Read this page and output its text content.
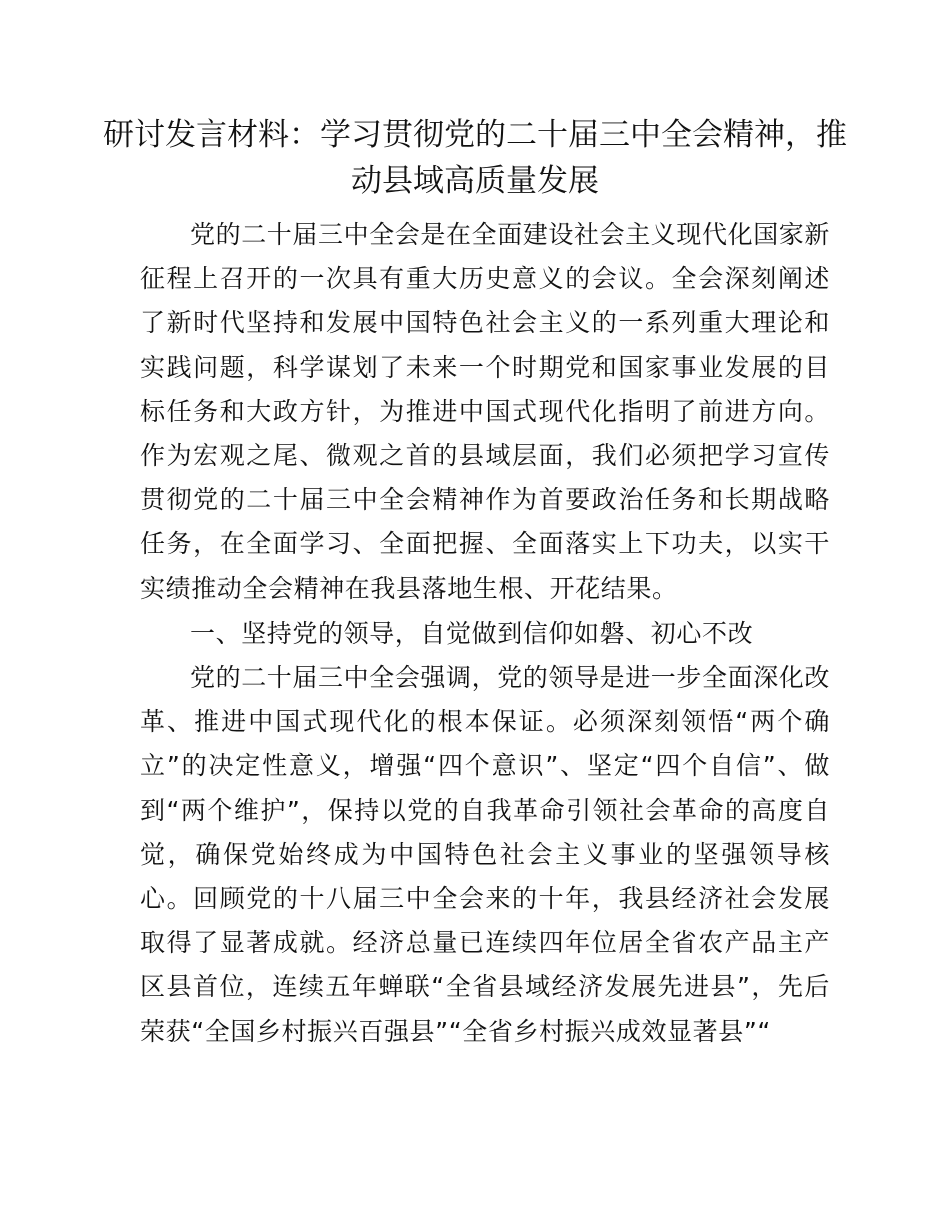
研讨发言材料：学习贯彻党的二十届三中全会精神，推动县域高质量发展

党的二十届三中全会是在全面建设社会主义现代化国家新征程上召开的一次具有重大历史意义的会议。全会深刻阐述了新时代坚持和发展中国特色社会主义的一系列重大理论和实践问题，科学谋划了未来一个时期党和国家事业发展的目标任务和大政方针，为推进中国式现代化指明了前进方向。作为宏观之尾、微观之首的县域层面，我们必须把学习宣传贯彻党的二十届三中全会精神作为首要政治任务和长期战略任务，在全面学习、全面把握、全面落实上下功夫，以实干实绩推动全会精神在我县落地生根、开花结果。

一、坚持党的领导，自觉做到信仰如磐、初心不改

党的二十届三中全会强调，党的领导是进一步全面深化改革、推进中国式现代化的根本保证。必须深刻领悟“两个确立”的决定性意义，增强“四个意识”、坚定“四个自信”、做到“两个维护”，保持以党的自我革命引领社会革命的高度自觉，确保党始终成为中国特色社会主义事业的坚强领导核心。回顾党的十八届三中全会来的十年，我县经济社会发展取得了显著成就。经济总量已连续四年位居全省农产品主产区县首位，连续五年蝉联“全省县域经济发展先进县”，先后荣获“全国乡村振兴百强县”“全省乡村振兴成效显著县”“
